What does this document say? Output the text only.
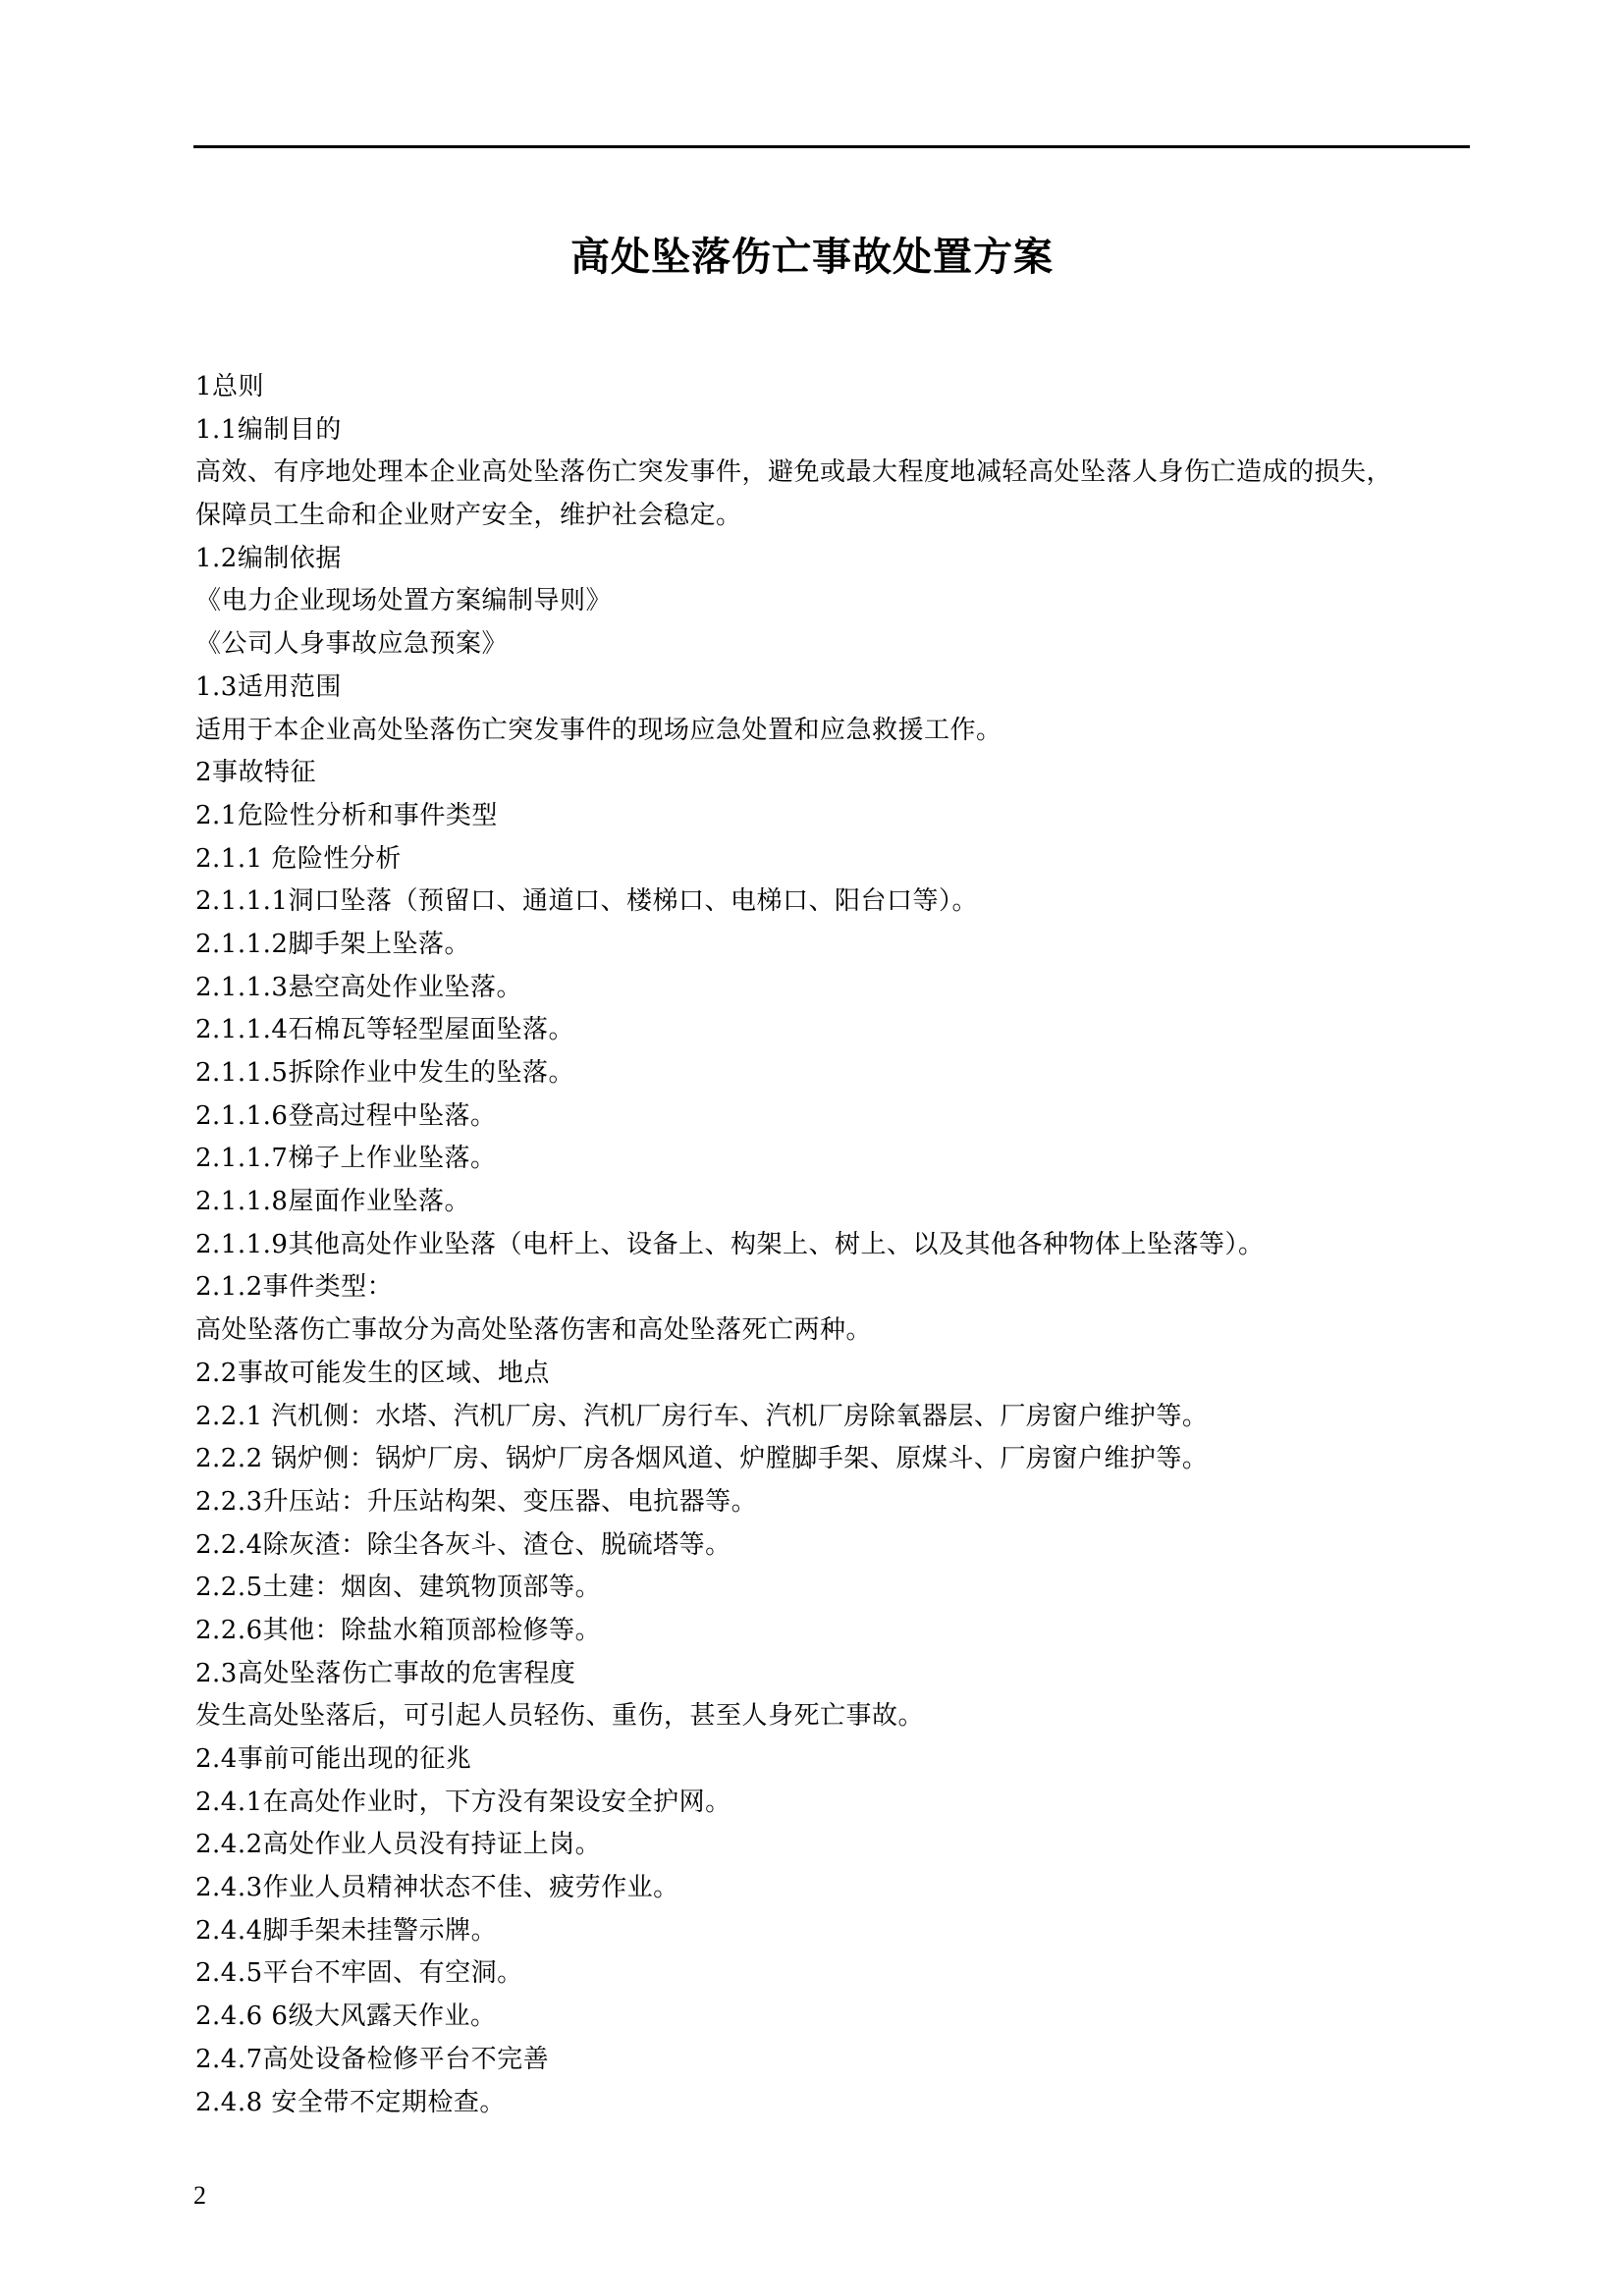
高处坠落伤亡事故处置方案
1总则
1.1编制目的
高效、有序地处理本企业高处坠落伤亡突发事件，避免或最大程度地减轻高处坠落人身伤亡造成的损失，
保障员工生命和企业财产安全，维护社会稳定。
1.2编制依据
《电力企业现场处置方案编制导则》
《公司人身事故应急预案》
1.3适用范围
适用于本企业高处坠落伤亡突发事件的现场应急处置和应急救援工作。
2事故特征
2.1危险性分析和事件类型
2.1.1 危险性分析
2.1.1.1洞口坠落（预留口、通道口、楼梯口、电梯口、阳台口等）。
2.1.1.2脚手架上坠落。
2.1.1.3悬空高处作业坠落。
2.1.1.4石棉瓦等轻型屋面坠落。
2.1.1.5拆除作业中发生的坠落。
2.1.1.6登高过程中坠落。
2.1.1.7梯子上作业坠落。
2.1.1.8屋面作业坠落。
2.1.1.9其他高处作业坠落（电杆上、设备上、构架上、树上、以及其他各种物体上坠落等）。
2.1.2事件类型：
高处坠落伤亡事故分为高处坠落伤害和高处坠落死亡两种。
2.2事故可能发生的区域、地点
2.2.1 汽机侧：水塔、汽机厂房、汽机厂房行车、汽机厂房除氧器层、厂房窗户维护等。
2.2.2 锅炉侧：锅炉厂房、锅炉厂房各烟风道、炉膛脚手架、原煤斗、厂房窗户维护等。
2.2.3升压站：升压站构架、变压器、电抗器等。
2.2.4除灰渣：除尘各灰斗、渣仓、脱硫塔等。
2.2.5土建：烟囱、建筑物顶部等。
2.2.6其他：除盐水箱顶部检修等。
2.3高处坠落伤亡事故的危害程度
发生高处坠落后，可引起人员轻伤、重伤，甚至人身死亡事故。
2.4事前可能出现的征兆
2.4.1在高处作业时，下方没有架设安全护网。
2.4.2高处作业人员没有持证上岗。
2.4.3作业人员精神状态不佳、疲劳作业。
2.4.4脚手架未挂警示牌。
2.4.5平台不牢固、有空洞。
2.4.6 6级大风露天作业。
2.4.7高处设备检修平台不完善
2.4.8 安全带不定期检查。
2
